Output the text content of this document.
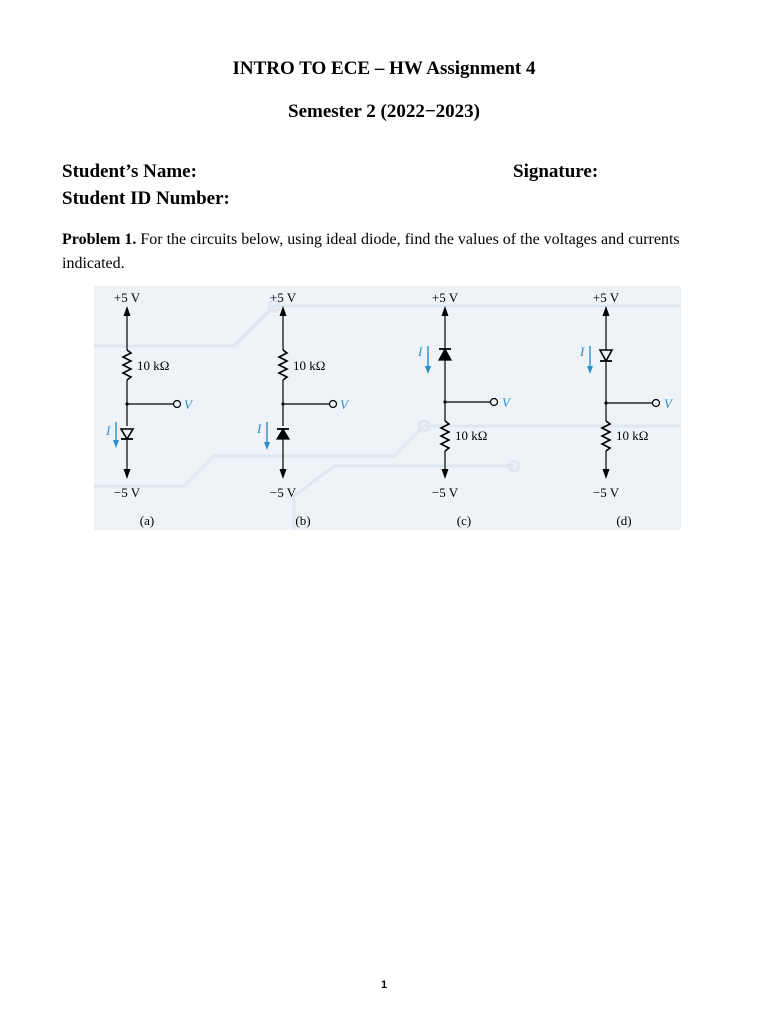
INTRO TO ECE – HW Assignment 4
Semester 2 (2022−2023)
Student’s Name:	Signature:
Student ID Number:
Problem 1. For the circuits below, using ideal diode, find the values of the voltages and currents indicated.
+5 V
10 kΩ
V
I
−5 V
(a)
+5 V
10 kΩ
V
I
−5 V
(b)
+5 V
I
V
10 kΩ
−5 V
(c)
+5 V
I
V
10 kΩ
−5 V
(d)
1
